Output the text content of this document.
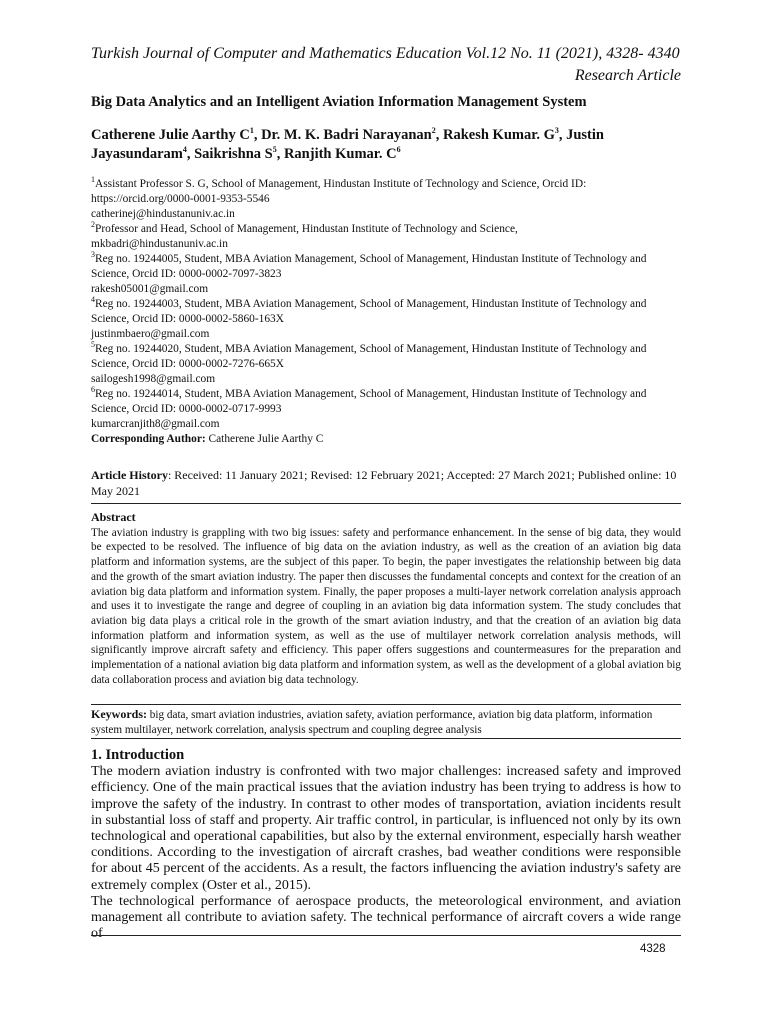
Turkish Journal of Computer and Mathematics Education Vol.12 No. 11 (2021), 4328- 4340
Research Article
Big Data Analytics and an Intelligent Aviation Information Management System
Catherene Julie Aarthy $C^1$, Dr. M. K. Badri Narayanan$^2$, Rakesh Kumar. $G^3$, Justin Jayasundaram$^4$, Saikrishna $S^5$, Ranjith Kumar. $C^6$

$^1$Assistant Professor S. G, School of Management, Hindustan Institute of Technology and Science, Orcid ID: https://orcid.org/0000-0001-9353-5546

catherinej@hindustanuniv.ac.in

$^2$Professor and Head, School of Management, Hindustan Institute of Technology and Science,

mkbadri@hindustanuniv.ac.in

$^3$Reg no. 19244005, Student, MBA Aviation Management, School of Management, Hindustan Institute of Technology and Science, Orcid ID: 0000-0002-7097-3823

rakesh05001@gmail.com

$^4$Reg no. 19244003, Student, MBA Aviation Management, School of Management, Hindustan Institute of Technology and Science, Orcid ID: 0000-0002-5860-163X

justinmbaero@gmail.com

$^5$Reg no. 19244020, Student, MBA Aviation Management, School of Management, Hindustan Institute of Technology and Science, Orcid ID: 0000-0002-7276-665X

sailogesh1998@gmail.com

$^6$Reg no. 19244014, Student, MBA Aviation Management, School of Management, Hindustan Institute of Technology and Science, Orcid ID: 0000-0002-0717-9993

kumarcranjith8@gmail.com

Corresponding Author: Catherene Julie Aarthy C

Article History: Received: 11 January 2021; Revised: 12 February 2021; Accepted: 27 March 2021; Published online: 10 May 2021
Abstract

The aviation industry is grappling with two big issues: safety and performance enhancement. In the sense of big data, they would be expected to be resolved. The influence of big data on the aviation industry, as well as the creation of an aviation big data platform and information systems, are the subject of this paper. To begin, the paper investigates the relationship between big data and the growth of the smart aviation industry. The paper then discusses the fundamental concepts and context for the creation of an aviation big data platform and information system. Finally, the paper proposes a multi-layer network correlation analysis approach and uses it to investigate the range and degree of coupling in an aviation big data information system. The study concludes that aviation big data plays a critical role in the growth of the smart aviation industry, and that the creation of an aviation big data information platform and information system, as well as the use of multilayer network correlation analysis methods, will significantly improve aircraft safety and efficiency. This paper offers suggestions and countermeasures for the preparation and implementation of a national aviation big data platform and information system, as well as the development of a global aviation big data collaboration process and aviation big data technology.

Keywords: big data, smart aviation industries, aviation safety, aviation performance, aviation big data platform, information system multilayer, network correlation, analysis spectrum and coupling degree analysis
1. Introduction

The modern aviation industry is confronted with two major challenges: increased safety and improved efficiency. One of the main practical issues that the aviation industry has been trying to address is how to improve the safety of the industry. In contrast to other modes of transportation, aviation incidents result in substantial loss of staff and property. Air traffic control, in particular, is influenced not only by its own technological and operational capabilities, but also by the external environment, especially harsh weather conditions. According to the investigation of aircraft crashes, bad weather conditions were responsible for about 45 percent of the accidents. As a result, the factors influencing the aviation industry's safety are extremely complex (Oster et al., 2015).

The technological performance of aerospace products, the meteorological environment, and aviation management all contribute to aviation safety. The technical performance of aircraft covers a wide range of

4328
